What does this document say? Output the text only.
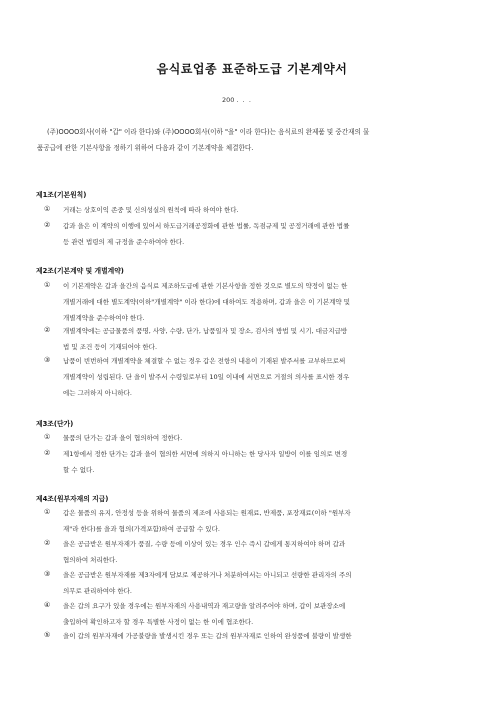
음식료업종 표준하도급 기본계약서
200 .  .  .
(주)OOOO회사(이하 "갑" 이라 한다)와 (주)OOOO회사(이하 "을" 이라 한다)는 음식료의 완제품 및 중간재의 물
품공급에 관한 기본사항을 정하기 위하여 다음과 같이 기본계약을 체결한다.
제1조(기본원칙)
①	거래는 상호이익 존중 및 신의성실의 원칙에 따라 하여야 한다.
②	갑과 을은 이 계약의 이행에 있어서 하도급거래공정화에 관한 법률, 독점규제 및 공정거래에 관한 법률
등 관련 법령의 제 규정을 준수하여야 한다.
제2조(기본계약 및 개별계약)
①	이 기본계약은 갑과 을간의 음식료 제조하도급에 관한 기본사항을 정한 것으로 별도의 약정이 없는 한
개별거래에 대한 별도계약(이하"개별계약" 이라 한다)에 대하여도 적용하며, 갑과 을은 이 기본계약 및
개별계약을 준수하여야 한다.
②	개별계약에는 공급물품의 품명, 사양, 수량, 단가, 납품일자 및 장소, 검사의 방법 및 시기, 대금지급방
법 및 조건 등이 기재되어야 한다.
③	납품이 빈번하여 개별계약을 체결할 수 없는 경우 갑은 전항의 내용이 기재된 발주서를 교부하므로써
개별계약이 성립된다. 단 을이 발주서 수령일로부터 10일 이내에 서면으로 거절의 의사를 표시한 경우
에는 그러하지 아니하다.
제3조(단가)
①	물품의 단가는 갑과 을이 협의하여 정한다.
②	제1항에서 정한 단가는 갑과 을이 협의한 서면에 의하지 아니하는 한 당사자 일방이 이를 임의로 변경
할 수 없다.
제4조(원부자재의 지급)
①	갑은 물품의 유지, 안정성 등을 위하여 물품의 제조에 사용되는 원재료, 반제품, 포장재료(이하 "원부자
재"라 한다)를 을과 협의(가격포함)하여 공급할 수 있다.
②	을은 공급받은 원부자재가 품질, 수량 등에 이상이 있는 경우 인수 즉시 갑에게 통지하여야 하며 갑과
협의하여 처리한다.
③	을은 공급받은 원부자재를 제3자에게 담보로 제공하거나 처분하여서는 아니되고 선량한 관리자의 주의
의무로 관리하여야 한다.
④	을은 갑의 요구가 있을 경우에는 원부자재의 사용내역과 재고량을 알려주어야 하며, 갑이 보관장소에
출입하여 확인하고자 할 경우 특별한 사정이 없는 한 이에 협조한다.
⑤	을이 갑의 원부자재에 가공불량을 발생시킨 경우 또는 갑의 원부자재로 인하여 완성품에 불량이 발생한
